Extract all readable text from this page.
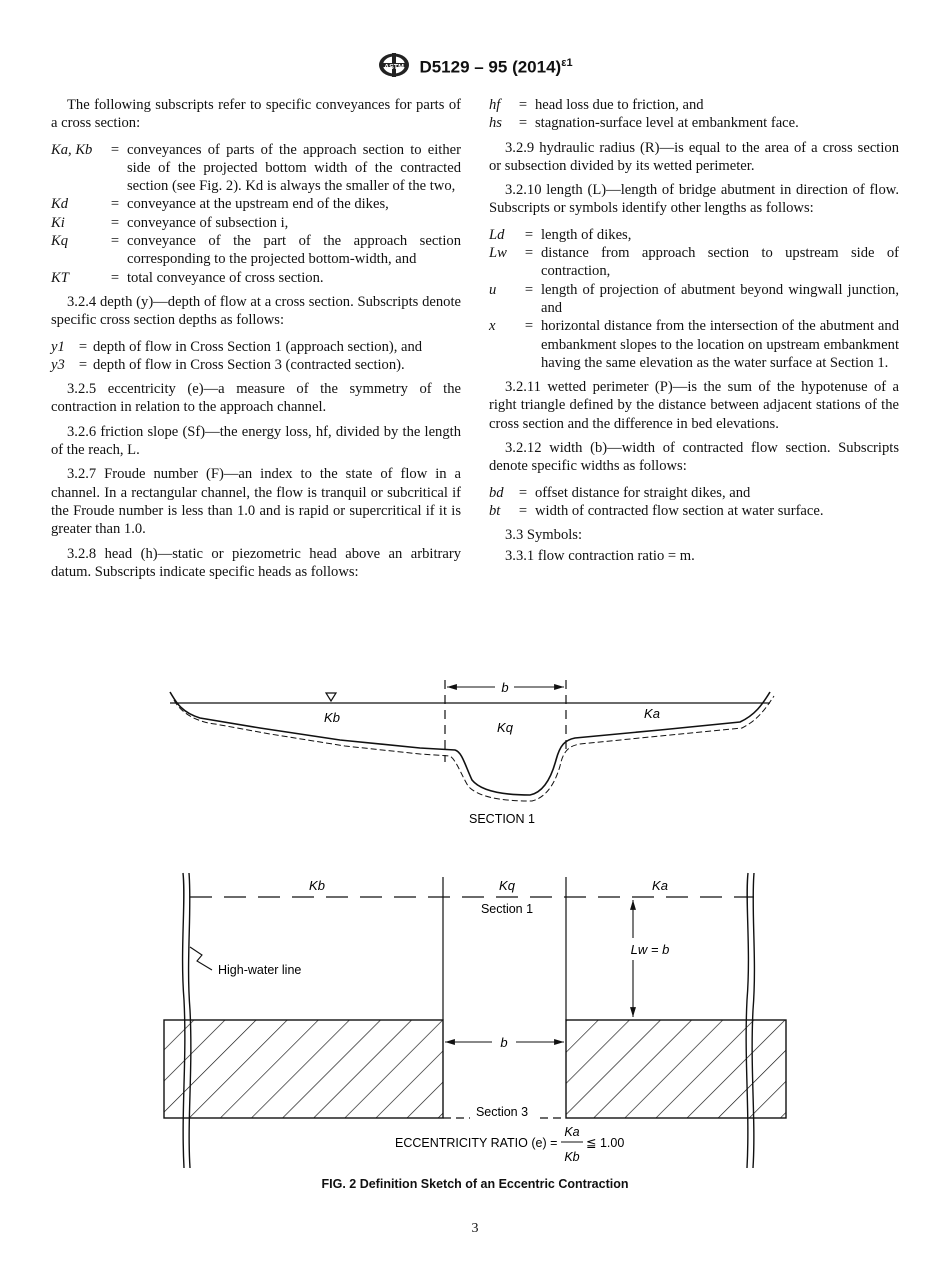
ASTM D5129 – 95 $(2014)^{\varepsilon 1}$

The following subscripts refer to specific conveyances for parts of a cross section:

Ka, Kb	= conveyances of parts of the approach section to either side of the projected bottom width of the contracted section (see Fig. 2). Kd is always the smaller of the two,
Kd	= conveyance at the upstream end of the dikes,
Ki	= conveyance of subsection i,
Kq	= conveyance of the part of the approach section corresponding to the projected bottom-width, and
KT	= total conveyance of cross section.

3.2.4 depth (y)—depth of flow at a cross section. Subscripts denote specific cross section depths as follows:

y1 = depth of flow in Cross Section 1 (approach section), and
y3 = depth of flow in Cross Section 3 (contracted section).

3.2.5 eccentricity (e)—a measure of the symmetry of the contraction in relation to the approach channel.

3.2.6 friction slope (Sf)—the energy loss, hf, divided by the length of the reach, L.

3.2.7 Froude number (F)—an index to the state of flow in a channel. In a rectangular channel, the flow is tranquil or subcritical if the Froude number is less than 1.0 and is rapid or supercritical if it is greater than 1.0.

3.2.8 head (h)—static or piezometric head above an arbitrary datum. Subscripts indicate specific heads as follows:

hf	= head loss due to friction, and
hs	= stagnation-surface level at embankment face.

3.2.9 hydraulic radius (R)—is equal to the area of a cross section or subsection divided by its wetted perimeter.

3.2.10 length (L)—length of bridge abutment in direction of flow. Subscripts or symbols identify other lengths as follows:

Ld	= length of dikes,
Lw	= distance from approach section to upstream side of contraction,
u	= length of projection of abutment beyond wingwall junction, and
x	= horizontal distance from the intersection of the abutment and embankment slopes to the location on upstream embankment having the same elevation as the water surface at Section 1.

3.2.11 wetted perimeter (P)—is the sum of the hypotenuse of a right triangle defined by the distance between adjacent stations of the cross section and the difference in bed elevations.

3.2.12 width (b)—width of contracted flow section. Subscripts denote specific widths as follows:

bd	= offset distance for straight dikes, and
bt	= width of contracted flow section at water surface.

3.3 Symbols:

3.3.1 flow contraction ratio = m.

b
Kb
Kq
Ka
SECTION 1
Kb	Kq	Ka
Section 1
Lw = b
High-water line
b
Section 3
ECCENTRICITY RATIO (e) =
Ka
Kb
≦ 1.00
FIG. 2 Definition Sketch of an Eccentric Contraction
3
